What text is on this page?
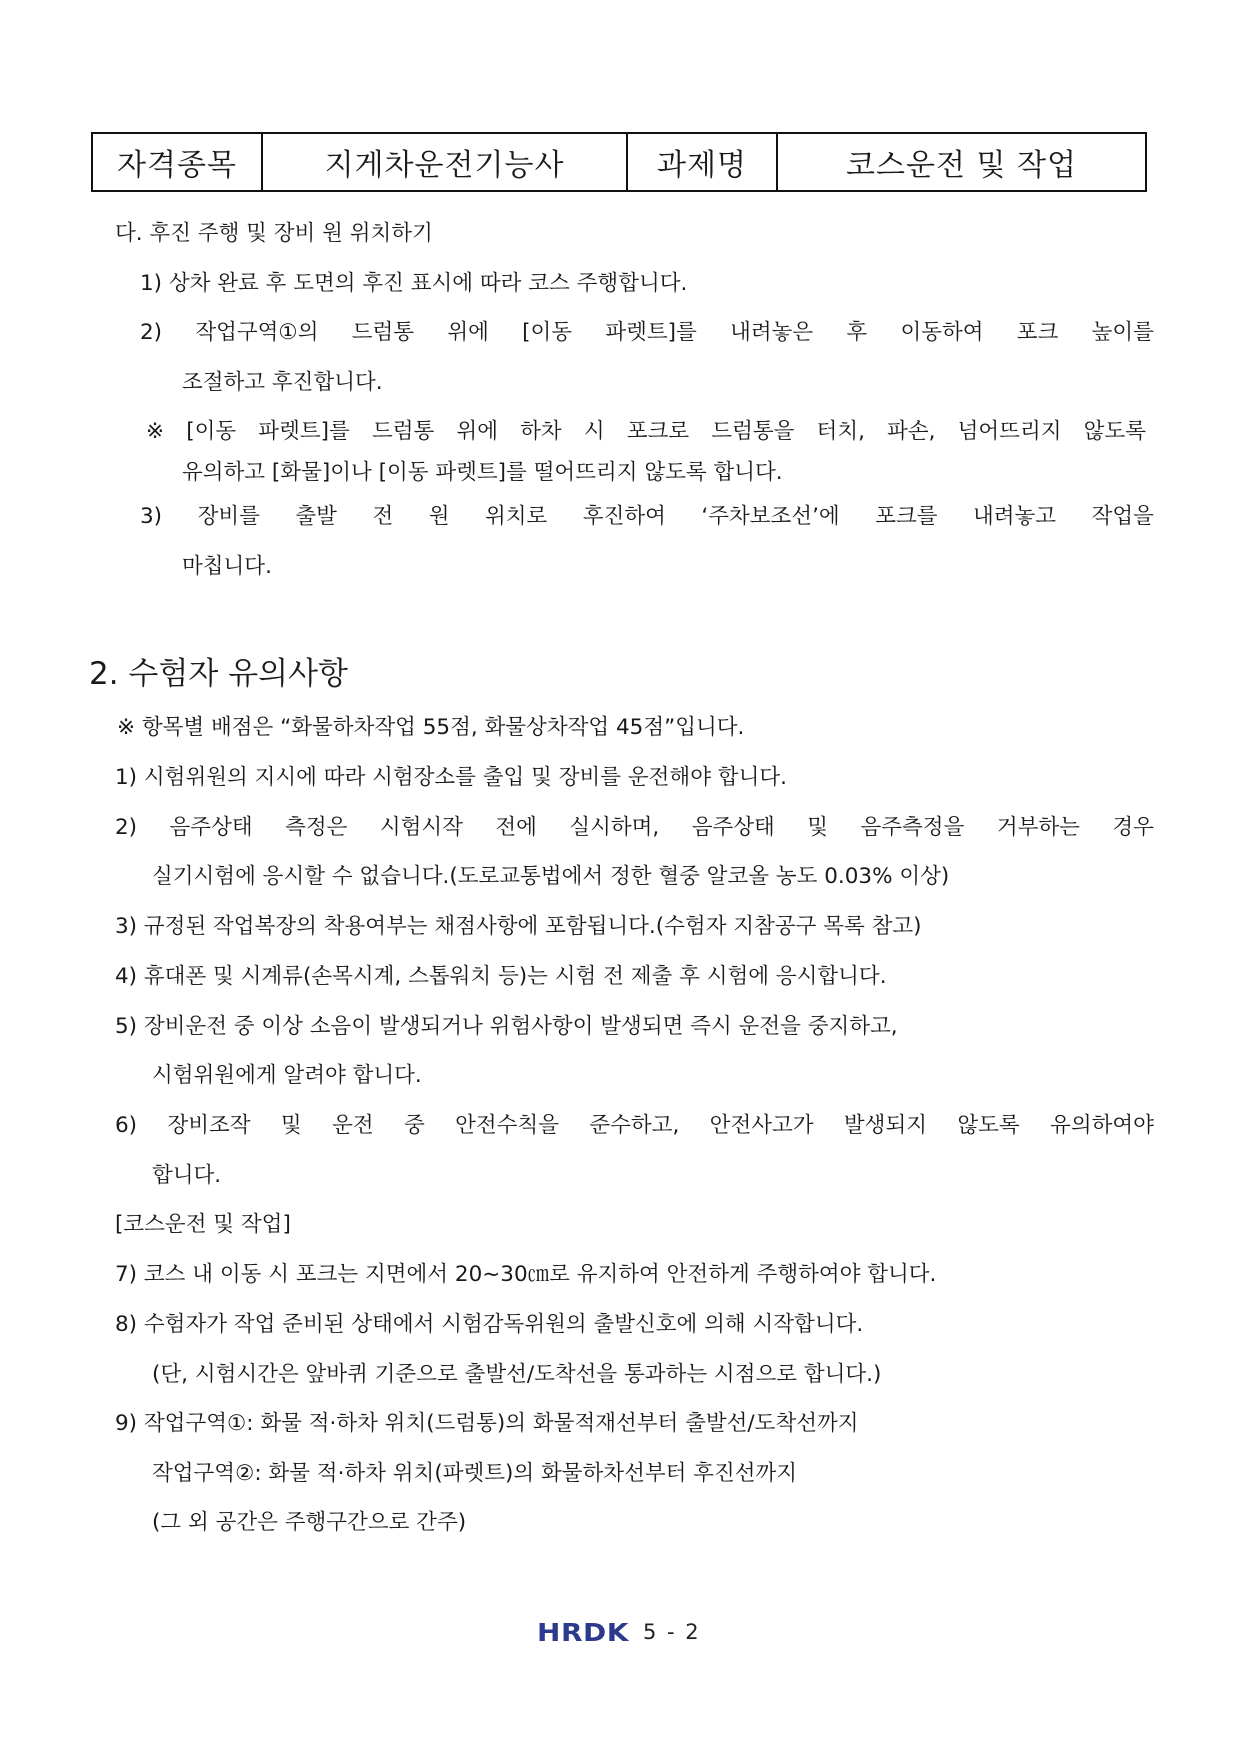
자격종목	지게차운전기능사	과제명	코스운전 및 작업
다. 후진 주행 및 장비 원 위치하기
1) 상차 완료 후 도면의 후진 표시에 따라 코스 주행합니다.
2) 작업구역①의 드럼통 위에 [이동 파렛트]를 내려놓은 후 이동하여 포크 높이를
조절하고 후진합니다.
※ [이동 파렛트]를 드럼통 위에 하차 시 포크로 드럼통을 터치, 파손, 넘어뜨리지 않도록
유의하고 [화물]이나 [이동 파렛트]를 떨어뜨리지 않도록 합니다.
3) 장비를 출발 전 원 위치로 후진하여 ‘주차보조선’에 포크를 내려놓고 작업을
마칩니다.
2. 수험자 유의사항
※ 항목별 배점은 “화물하차작업 55점, 화물상차작업 45점”입니다.
1) 시험위원의 지시에 따라 시험장소를 출입 및 장비를 운전해야 합니다.
2) 음주상태 측정은 시험시작 전에 실시하며, 음주상태 및 음주측정을 거부하는 경우
실기시험에 응시할 수 없습니다.(도로교통법에서 정한 혈중 알코올 농도 0.03% 이상)
3) 규정된 작업복장의 착용여부는 채점사항에 포함됩니다.(수험자 지참공구 목록 참고)
4) 휴대폰 및 시계류(손목시계, 스톱워치 등)는 시험 전 제출 후 시험에 응시합니다.
5) 장비운전 중 이상 소음이 발생되거나 위험사항이 발생되면 즉시 운전을 중지하고,
시험위원에게 알려야 합니다.
6) 장비조작 및 운전 중 안전수칙을 준수하고, 안전사고가 발생되지 않도록 유의하여야
합니다.
[코스운전 및 작업]
7) 코스 내 이동 시 포크는 지면에서 20~30㎝로 유지하여 안전하게 주행하여야 합니다.
8) 수험자가 작업 준비된 상태에서 시험감독위원의 출발신호에 의해 시작합니다.
(단, 시험시간은 앞바퀴 기준으로 출발선/도착선을 통과하는 시점으로 합니다.)
9) 작업구역①: 화물 적·하차 위치(드럼통)의 화물적재선부터 출발선/도착선까지
작업구역②: 화물 적·하차 위치(파렛트)의 화물하차선부터 후진선까지
(그 외 공간은 주행구간으로 간주)
HRDK 5 - 2
